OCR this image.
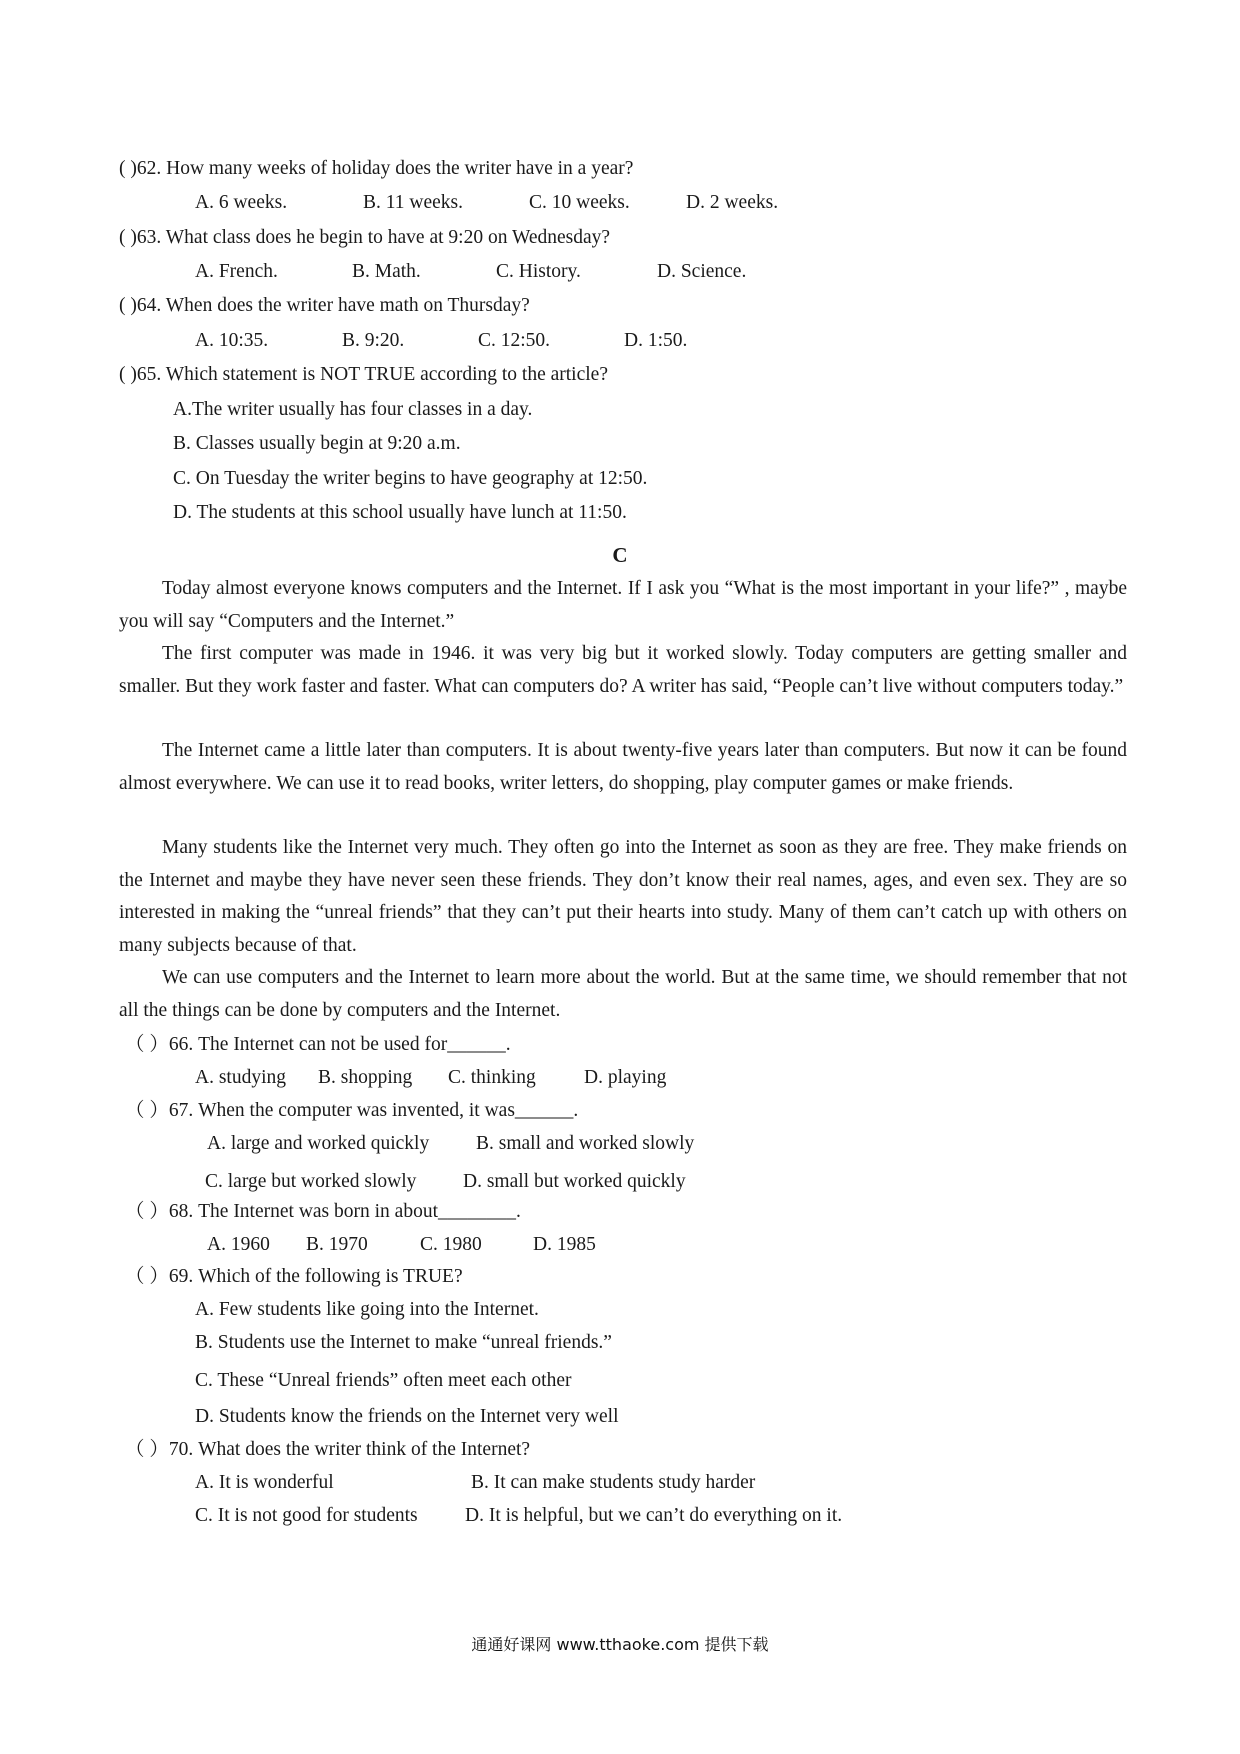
( )62. How many weeks of holiday does the writer have in a year?
A. 6 weeks.	B. 11 weeks.	C. 10 weeks.	D. 2 weeks.
( )63. What class does he begin to have at 9:20 on Wednesday?
A. French.	B. Math.	C. History.	D. Science.
( )64. When does the writer have math on Thursday?
A. 10:35.	B. 9:20.	C. 12:50.	D. 1:50.
( )65. Which statement is NOT TRUE according to the article?
A.The writer usually has four classes in a day.
B. Classes usually begin at 9:20 a.m.
C. On Tuesday the writer begins to have geography at 12:50.
D. The students at this school usually have lunch at 11:50.
C
Today almost everyone knows computers and the Internet. If I ask you “What is the most important in your life?” , maybe you will say “Computers and the Internet.”
The first computer was made in 1946. it was very big but it worked slowly. Today computers are getting smaller and smaller. But they work faster and faster. What can computers do? A writer has said, “People can’t live without computers today.”
The Internet came a little later than computers. It is about twenty-five years later than computers. But now it can be found almost everywhere. We can use it to read books, writer letters, do shopping, play computer games or make friends.
Many students like the Internet very much. They often go into the Internet as soon as they are free. They make friends on the Internet and maybe they have never seen these friends. They don’t know their real names, ages, and even sex. They are so interested in making the “unreal friends” that they can’t put their hearts into study. Many of them can’t catch up with others on many subjects because of that.
We can use computers and the Internet to learn more about the world. But at the same time, we should remember that not all the things can be done by computers and the Internet.
（ ）66. The Internet can not be used for______.
A. studying B. shopping C. thinking D. playing
（ ）67. When the computer was invented, it was______.
A. large and worked quickly B. small and worked slowly
C. large but worked slowly D. small but worked quickly
（ ）68. The Internet was born in about________.
A. 1960 B. 1970	C. 1980	D. 1985
（ ）69. Which of the following is TRUE?
A. Few students like going into the Internet.
B. Students use the Internet to make “unreal friends.”
C. These “Unreal friends” often meet each other
D. Students know the friends on the Internet very well
（ ）70. What does the writer think of the Internet?
A. It is wonderful	B. It can make students study harder
C. It is not good for students D. It is helpful, but we can’t do everything on it.
通通好课网 www.tthaoke.com 提供下载
